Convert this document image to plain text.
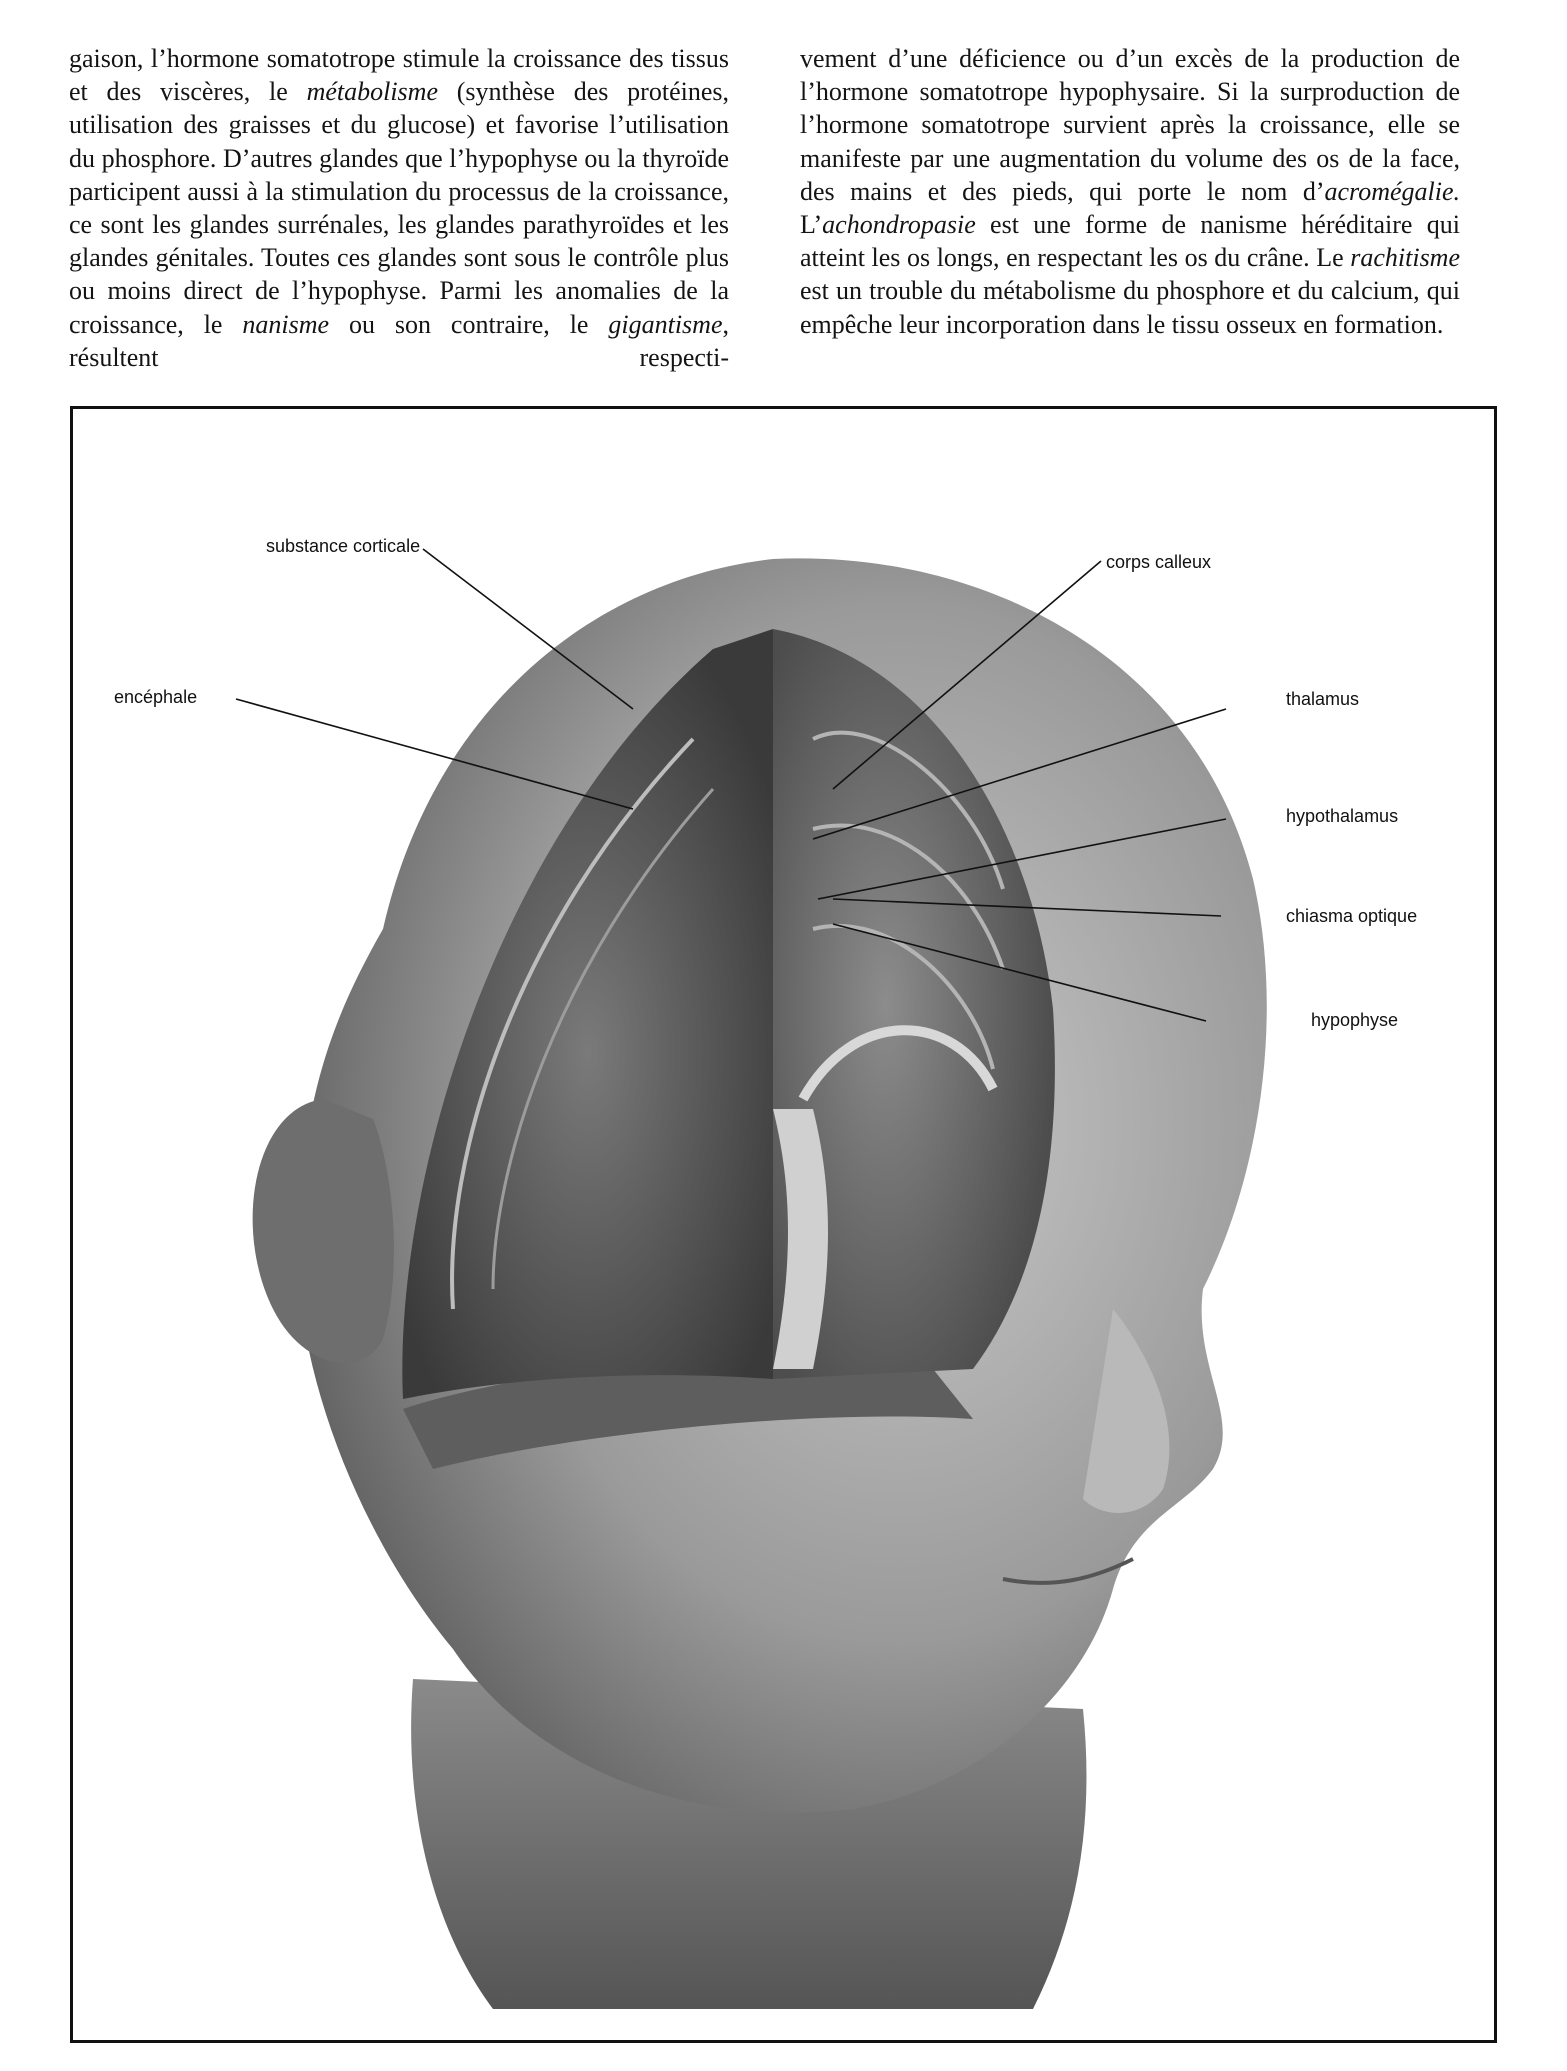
gaison, l’hormone somatotrope stimule la croissance des tissus et des viscères, le métabolisme (synthèse des protéines, utilisation des graisses et du glucose) et favorise l’utilisation du phosphore. D’autres glandes que l’hypophyse ou la thyroïde participent aussi à la stimulation du processus de la croissance, ce sont les glandes surrénales, les glandes parathyroïdes et les glandes génitales. Toutes ces glandes sont sous le contrôle plus ou moins direct de l’hypophyse. Parmi les anomalies de la croissance, le nanisme ou son contraire, le gigantisme, résultent respecti-

vement d’une déficience ou d’un excès de la production de l’hormone somatotrope hypophysaire. Si la surproduction de l’hormone somatotrope survient après la croissance, elle se manifeste par une augmentation du volume des os de la face, des mains et des pieds, qui porte le nom d’acromégalie. L’achondropasie est une forme de nanisme héréditaire qui atteint les os longs, en respectant les os du crâne. Le rachitisme est un trouble du métabolisme du phosphore et du calcium, qui empêche leur incorporation dans le tissu osseux en formation.

substance corticale
corps calleux
encéphale	thalamus
hypothalamus
chiasma optique
hypophyse
